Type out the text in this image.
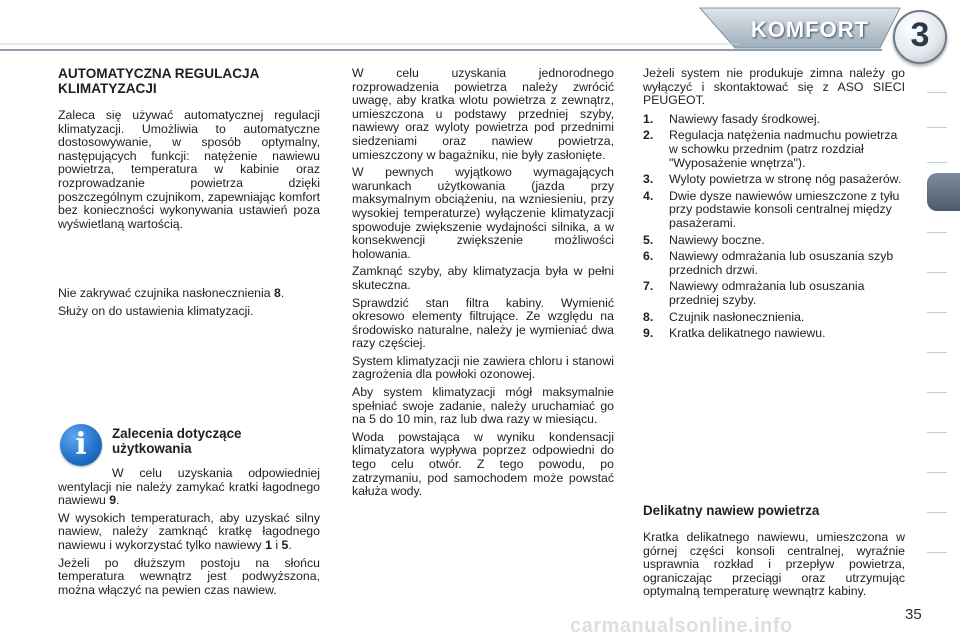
KOMFORT	3
AUTOMATYCZNA REGULACJA KLIMATYZACJI

Zaleca się używać automatycznej regulacji klimatyzacji. Umożliwia to automatyczne dostosowywanie, w sposób optymalny, następujących funkcji: natężenie nawiewu powietrza, temperatura w kabinie oraz rozprowadzanie powietrza dzięki poszczególnym czujnikom, zapewniając komfort bez konieczności wykonywania ustawień poza wyświetlaną wartością.

Nie zakrywać czujnika nasłonecznienia 8.

Służy on do ustawienia klimatyzacji.

i	Zalecenia dotyczące użytkowania

W celu uzyskania odpowiedniej wentylacji nie należy zamykać kratki łagodnego nawiewu 9.

W wysokich temperaturach, aby uzyskać silny nawiew, należy zamknąć kratkę łagodnego nawiewu i wykorzystać tylko nawiewy 1 i 5.

Jeżeli po dłuższym postoju na słońcu temperatura wewnątrz jest podwyższona, można włączyć na pewien czas nawiew.

W celu uzyskania jednorodnego rozprowadzenia powietrza należy zwrócić uwagę, aby kratka wlotu powietrza z zewnątrz, umieszczona u podstawy przedniej szyby, nawiewy oraz wyloty powietrza pod przednimi siedzeniami oraz nawiew powietrza, umieszczony w bagażniku, nie były zasłonięte.

W pewnych wyjątkowo wymagających warunkach użytkowania (jazda przy maksymalnym obciążeniu, na wzniesieniu, przy wysokiej temperaturze) wyłączenie klimatyzacji spowoduje zwiększenie wydajności silnika, a w konsekwencji zwiększenie możliwości holowania.

Zamknąć szyby, aby klimatyzacja była w pełni skuteczna.

Sprawdzić stan filtra kabiny. Wymienić okresowo elementy filtrujące. Ze względu na środowisko naturalne, należy je wymieniać dwa razy częściej.

System klimatyzacji nie zawiera chloru i stanowi zagrożenia dla powłoki ozonowej.

Aby system klimatyzacji mógł maksymalnie spełniać swoje zadanie, należy uruchamiać go na 5 do 10 min, raz lub dwa razy w miesiącu.

Woda powstająca w wyniku kondensacji klimatyzatora wypływa poprzez odpowiedni do tego celu otwór. Z tego powodu, po zatrzymaniu, pod samochodem może powstać kałuża wody.

Jeżeli system nie produkuje zimna należy go wyłączyć i skontaktować się z ASO SIECI PEUGEOT.

1. Nawiewy fasady środkowej.
2. Regulacja natężenia nadmuchu powietrza w schowku przednim (patrz rozdział "Wyposażenie wnętrza").
3. Wyloty powietrza w stronę nóg pasażerów.
4. Dwie dysze nawiewów umieszczone z tyłu przy podstawie konsoli centralnej między pasażerami.
5. Nawiewy boczne.
6. Nawiewy odmrażania lub osuszania szyb przednich drzwi.
7. Nawiewy odmrażania lub osuszania przedniej szyby.
8. Czujnik nasłonecznienia.
9. Kratka delikatnego nawiewu.
Delikatny nawiew powietrza

Kratka delikatnego nawiewu, umieszczona w górnej części konsoli centralnej, wyraźnie usprawnia rozkład i przepływ powietrza, ograniczając przeciągi oraz utrzymując optymalną temperaturę wewnątrz kabiny.

carmanualsonline.info
35
